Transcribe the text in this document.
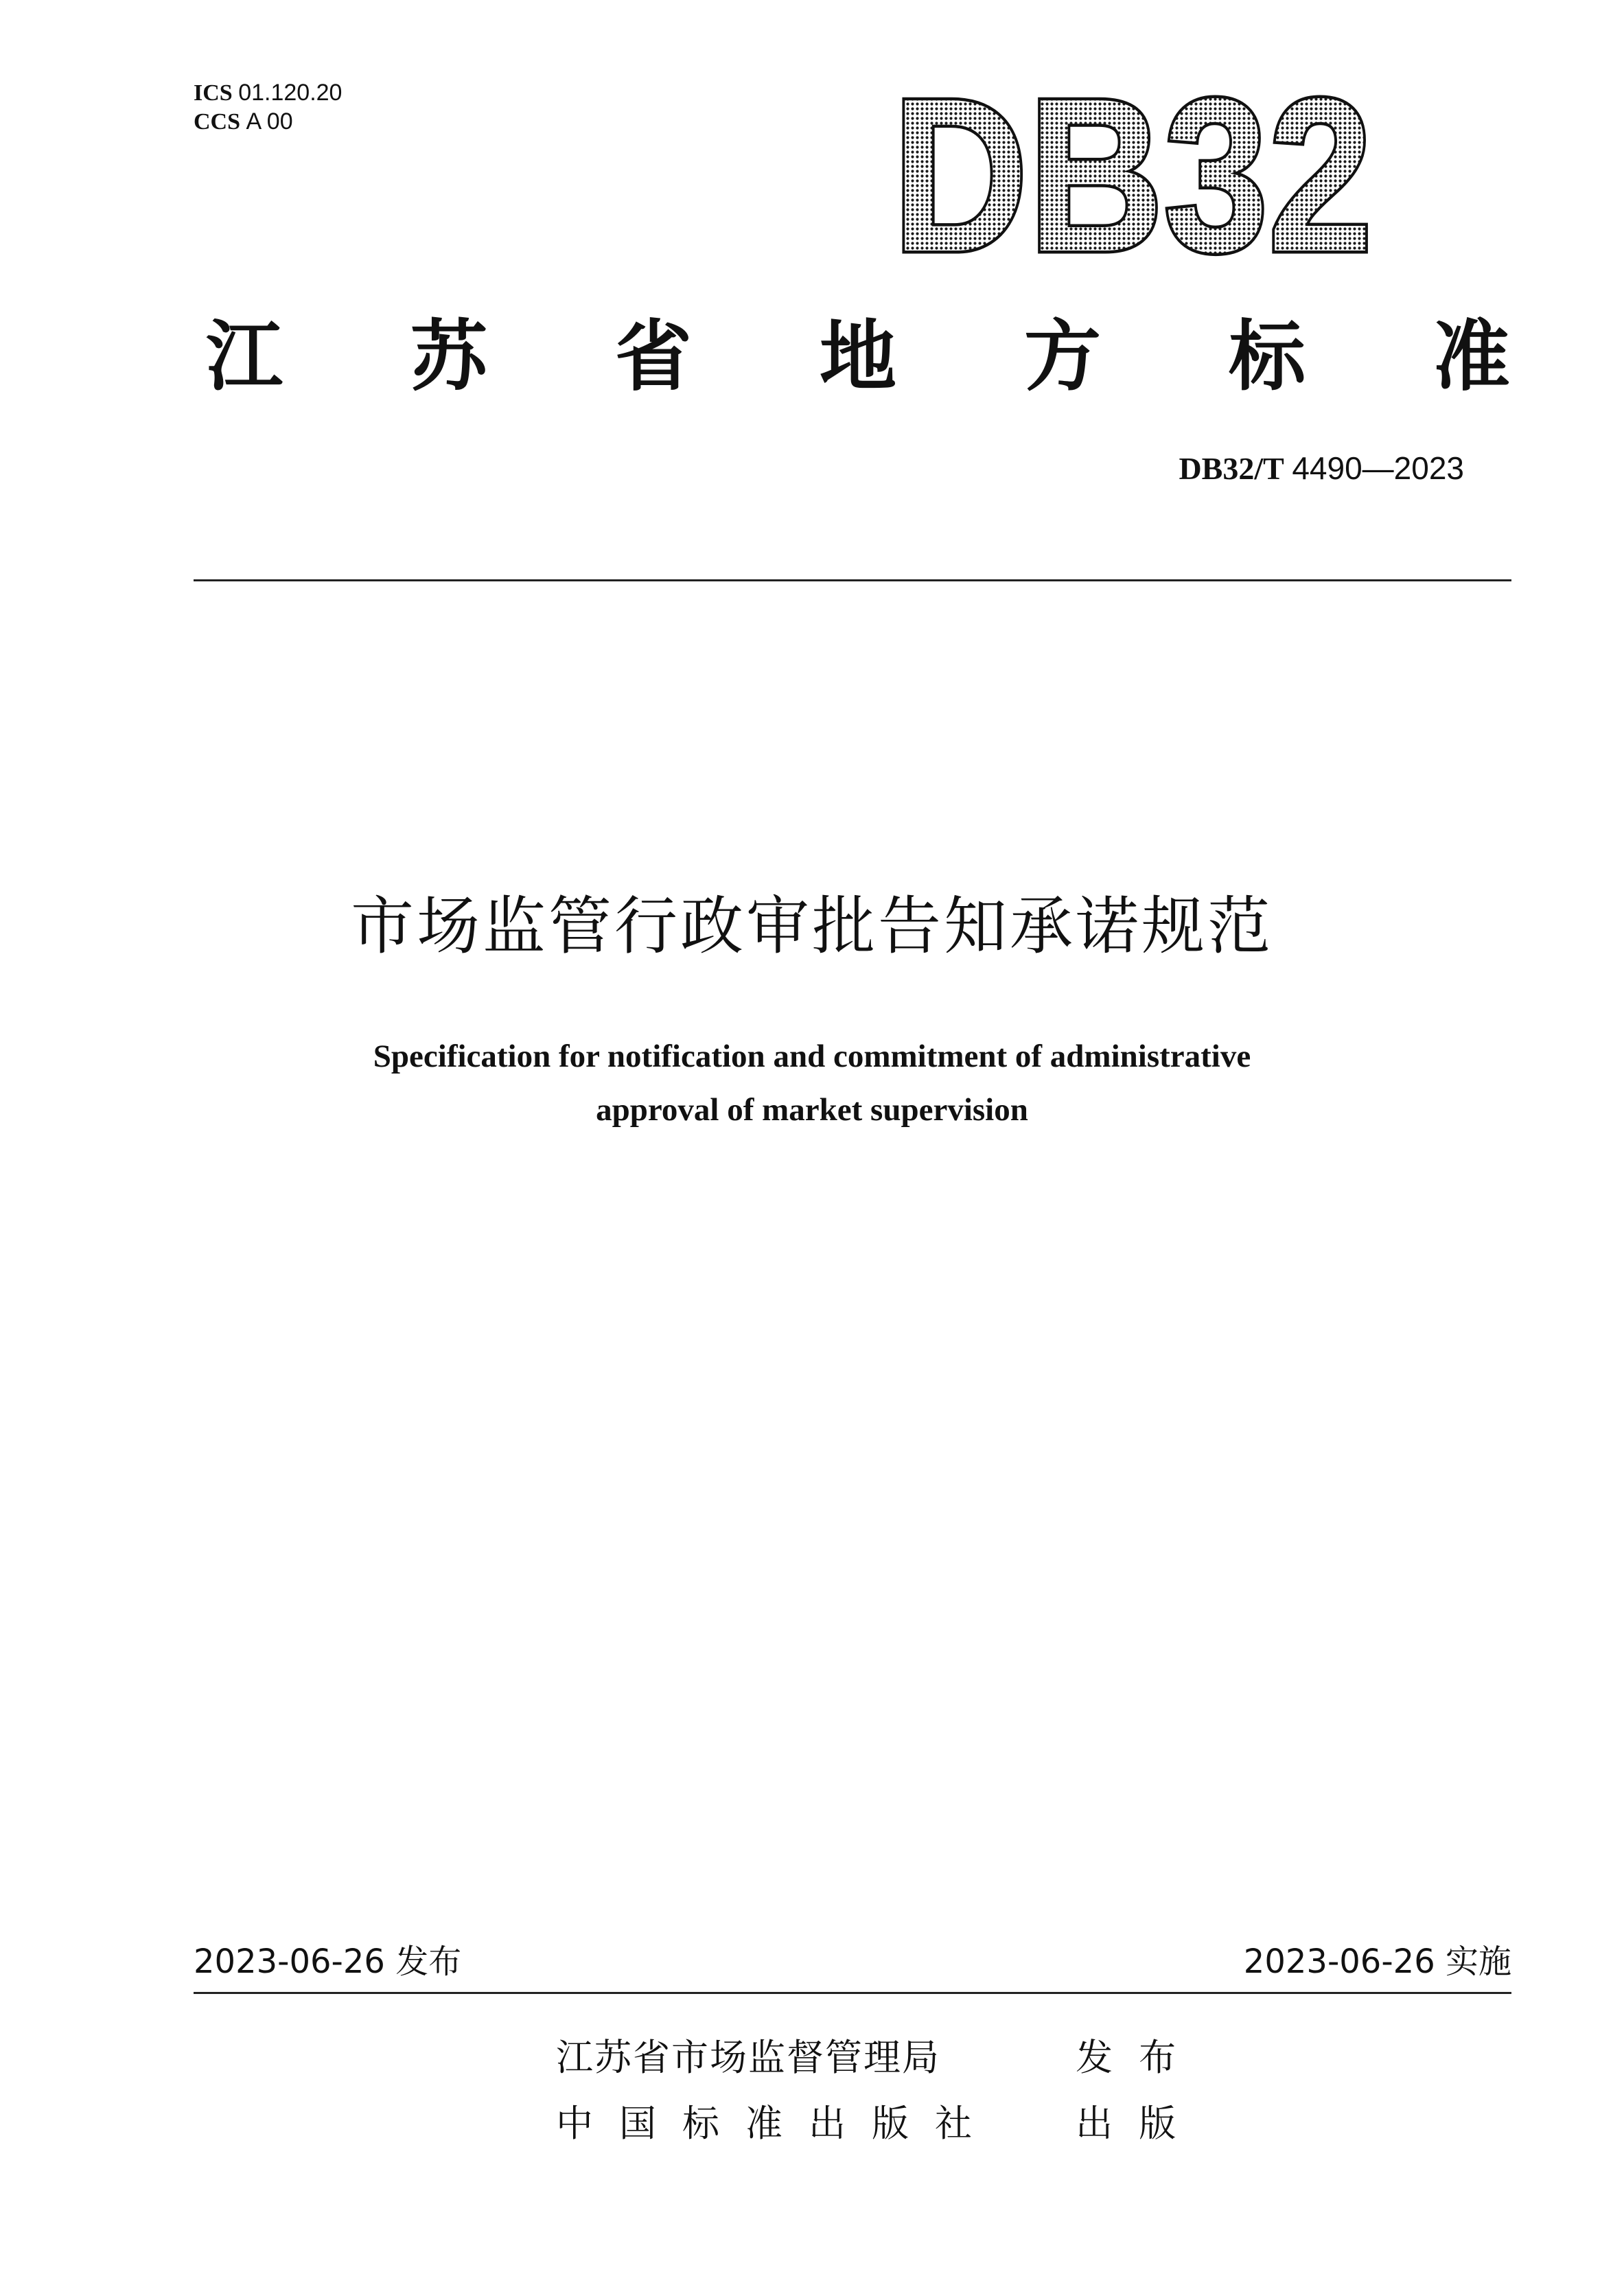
ICS 01.120.20
CCS A 00	DB32
江 苏 省 地 方 标 准
DB32/T 4490—2023
市场监管行政审批告知承诺规范
Specification for notification and commitment of administrative
approval of market supervision
2023-06-26 发布	2023-06-26 实施
江苏省市场监督管理局	发布
中国标准出版社 出版
